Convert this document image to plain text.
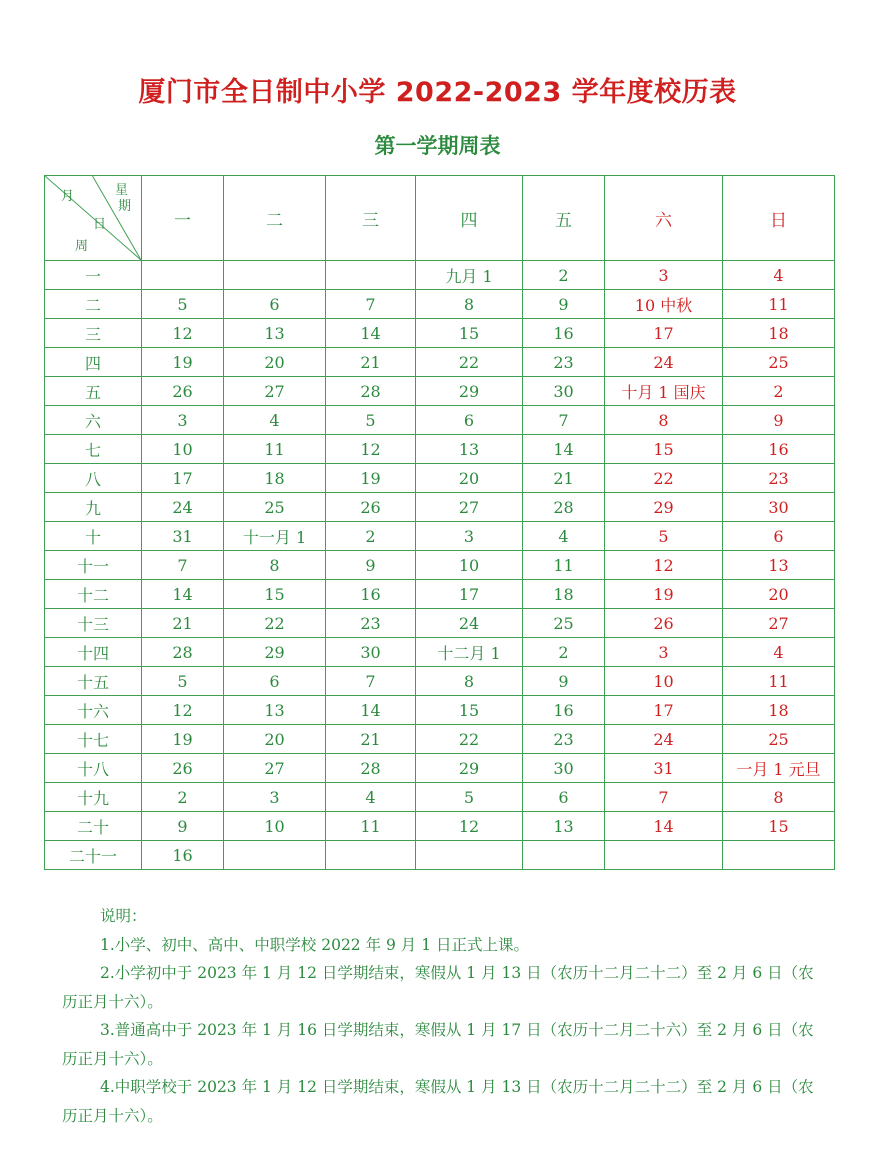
厦门市全日制中小学 2022-2023 学年度校历表
第一学期周表
月 星
期
日
周	一	二	三	四	五	六	日
一				九月 1	2	3	4
二	5	6	7	8	9	10 中秋	11
三	12	13	14	15	16	17	18
四	19	20	21	22	23	24	25
五	26	27	28	29	30	十月 1 国庆	2
六	3	4	5	6	7	8	9
七	10	11	12	13	14	15	16
八	17	18	19	20	21	22	23
九	24	25	26	27	28	29	30
十	31	十一月 1	2	3	4	5	6
十一	7	8	9	10	11	12	13
十二	14	15	16	17	18	19	20
十三	21	22	23	24	25	26	27
十四	28	29	30	十二月 1	2	3	4
十五	5	6	7	8	9	10	11
十六	12	13	14	15	16	17	18
十七	19	20	21	22	23	24	25
十八	26	27	28	29	30	31	一月 1 元旦
十九	2	3	4	5	6	7	8
二十	9	10	11	12	13	14	15
二十一	16						

说明：

1.小学、初中、高中、中职学校 2022 年 9 月 1 日正式上课。

2.小学初中于 2023 年 1 月 12 日学期结束，寒假从 1 月 13 日（农历十二月二十二）至 2 月 6 日（农历正月十六）。

3.普通高中于 2023 年 1 月 16 日学期结束，寒假从 1 月 17 日（农历十二月二十六）至 2 月 6 日（农历正月十六）。

4.中职学校于 2023 年 1 月 12 日学期结束，寒假从 1 月 13 日（农历十二月二十二）至 2 月 6 日（农历正月十六）。
